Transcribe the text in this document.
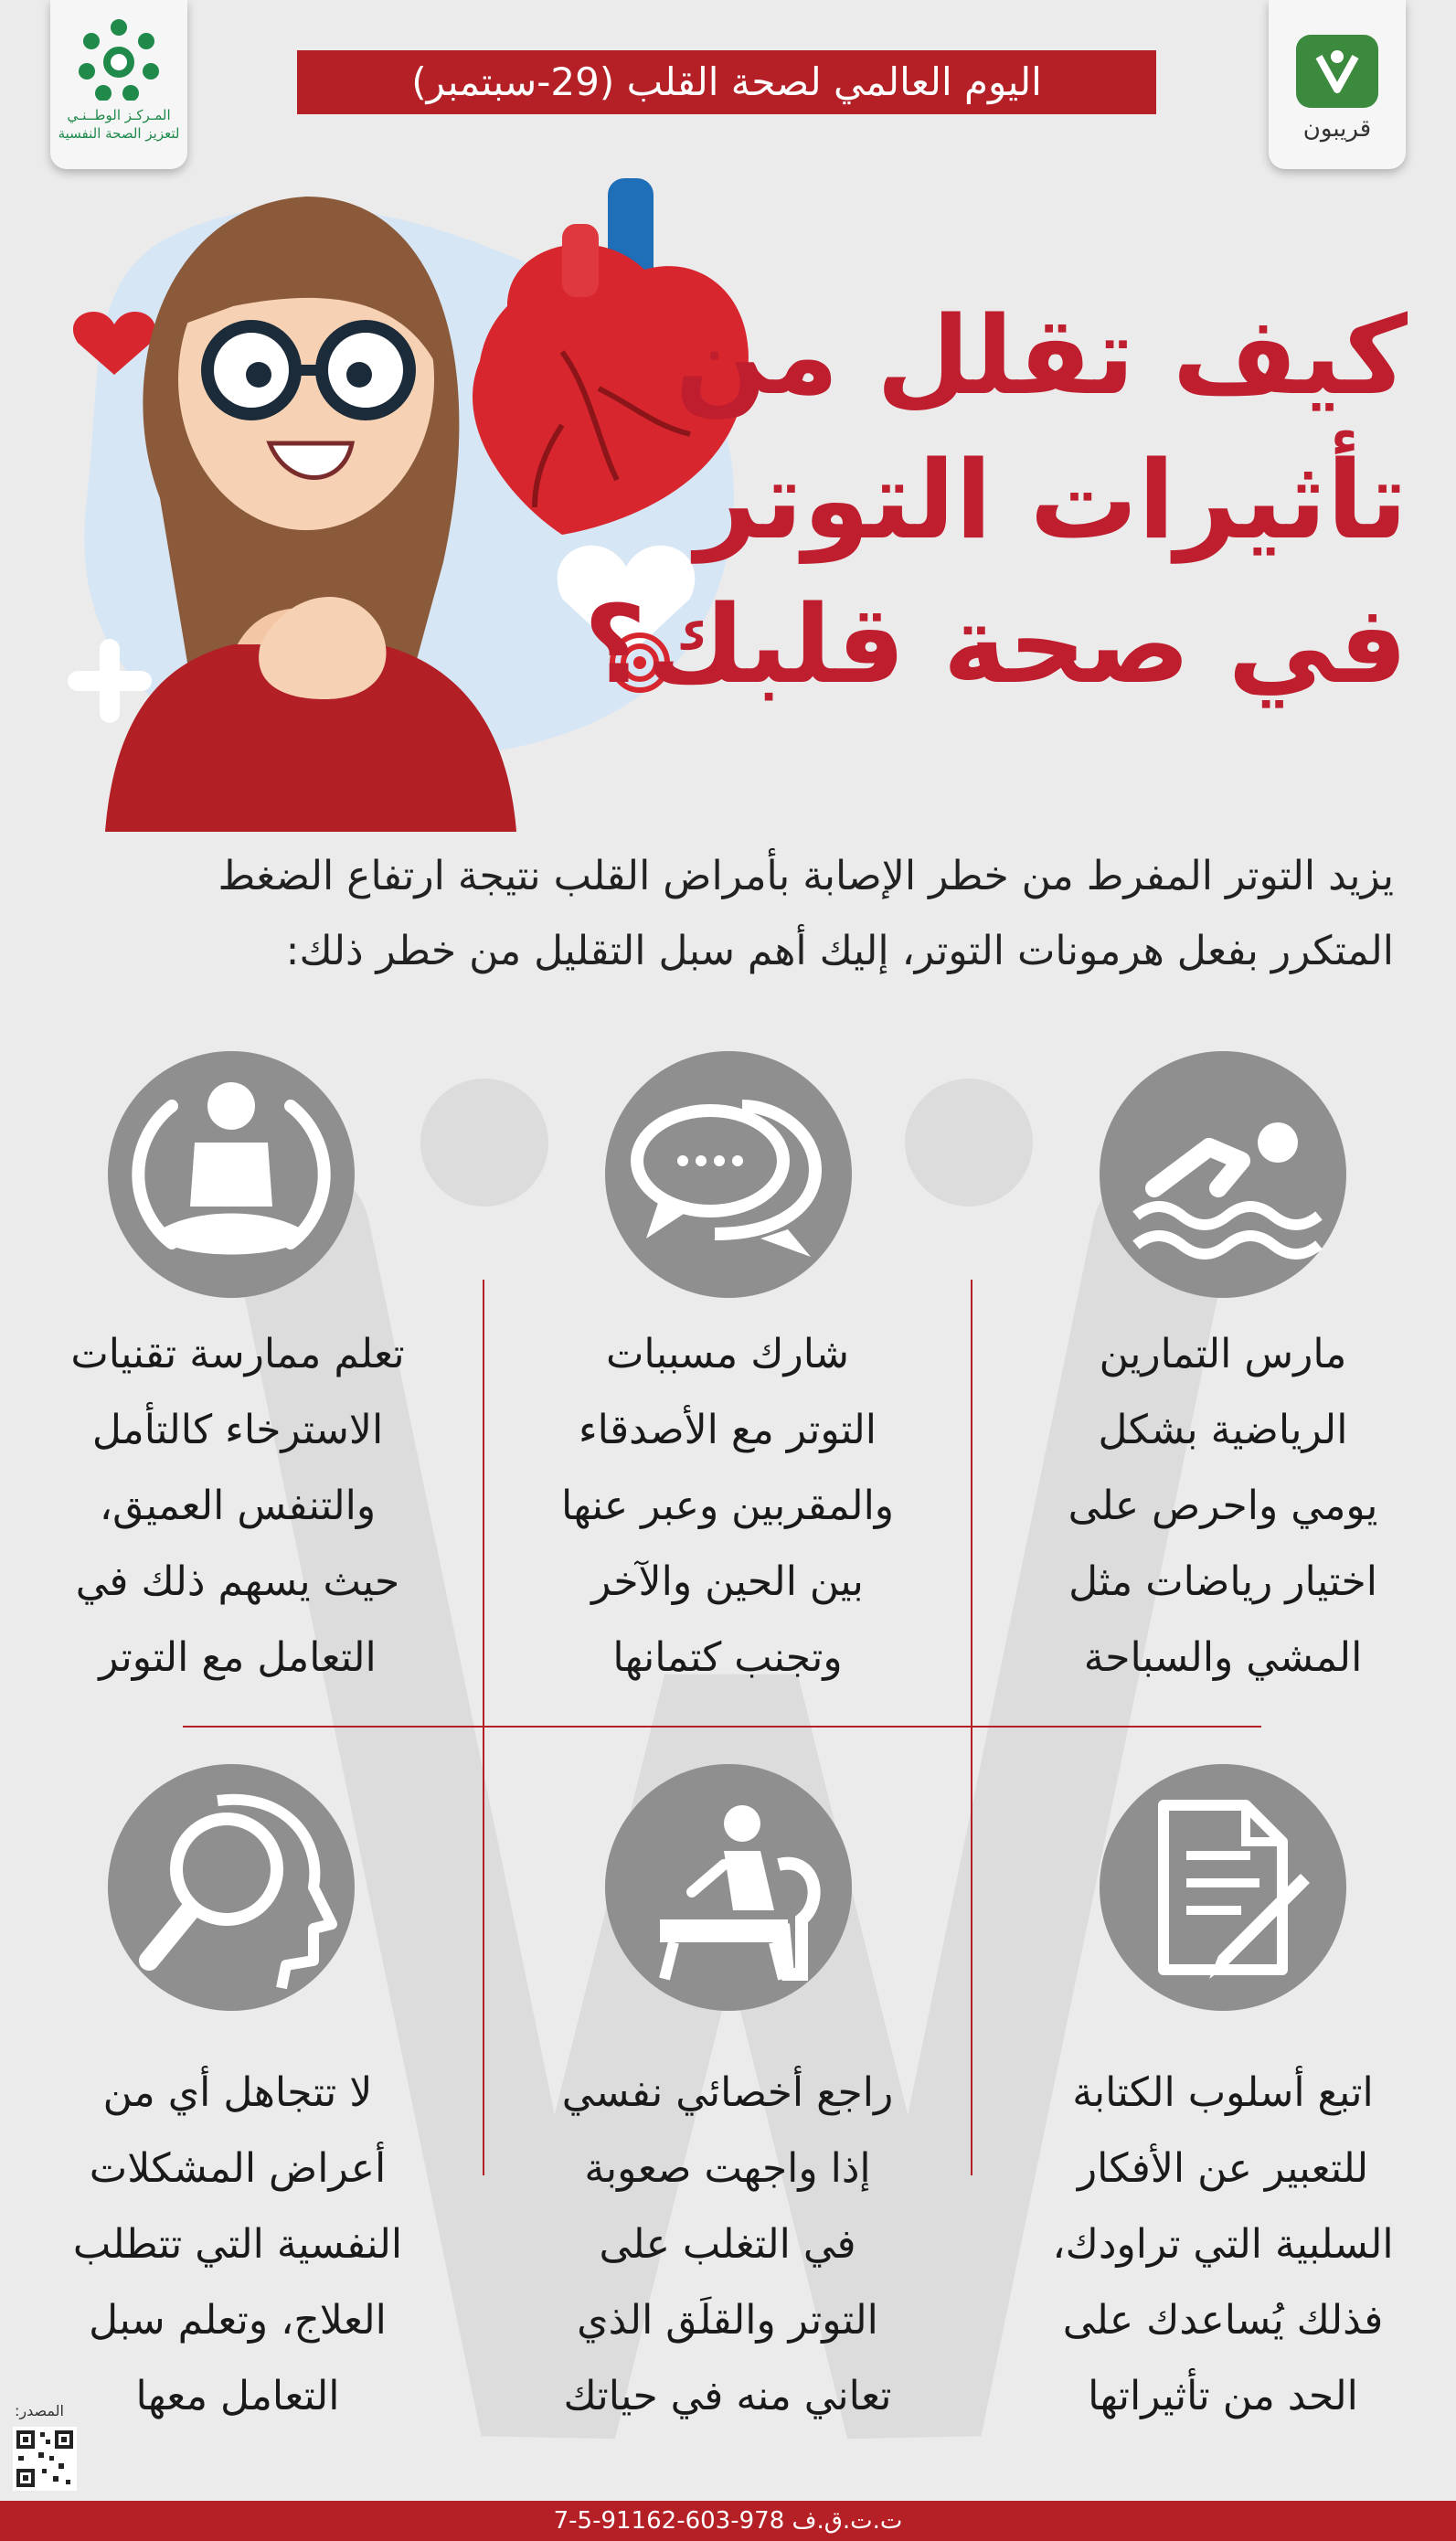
المـركـز الوطــنـي
لتعزيز الصحة النفسية	قريبون
اليوم العالمي لصحة القلب (29-سبتمبر)
كيف تقلل من
تأثيرات التوتر
في صحة قلبك؟
يزيد التوتر المفرط من خطر الإصابة بأمراض القلب نتيجة ارتفاع الضغط
المتكرر بفعل هرمونات التوتر، إليك أهم سبل التقليل من خطر ذلك:
مارس التمارين
الرياضية بشكل
يومي واحرص على
اختيار رياضات مثل
المشي والسباحة
شارك مسببات
التوتر مع الأصدقاء
والمقربين وعبر عنها
بين الحين والآخر
وتجنب كتمانها
تعلم ممارسة تقنيات
الاسترخاء كالتأمل
والتنفس العميق،
حيث يسهم ذلك في
التعامل مع التوتر
اتبع أسلوب الكتابة
للتعبير عن الأفكار
السلبية التي تراودك،
فذلك يُساعدك على
الحد من تأثيراتها
راجع أخصائي نفسي
إذا واجهت صعوبة
في التغلب على
التوتر والقلَق الذي
تعاني منه في حياتك
لا تتجاهل أي من
أعراض المشكلات
النفسية التي تتطلب
العلاج، وتعلم سبل
التعامل معها
المصدر:
ت.ت.ق.ف 978-603-91162-5-7
